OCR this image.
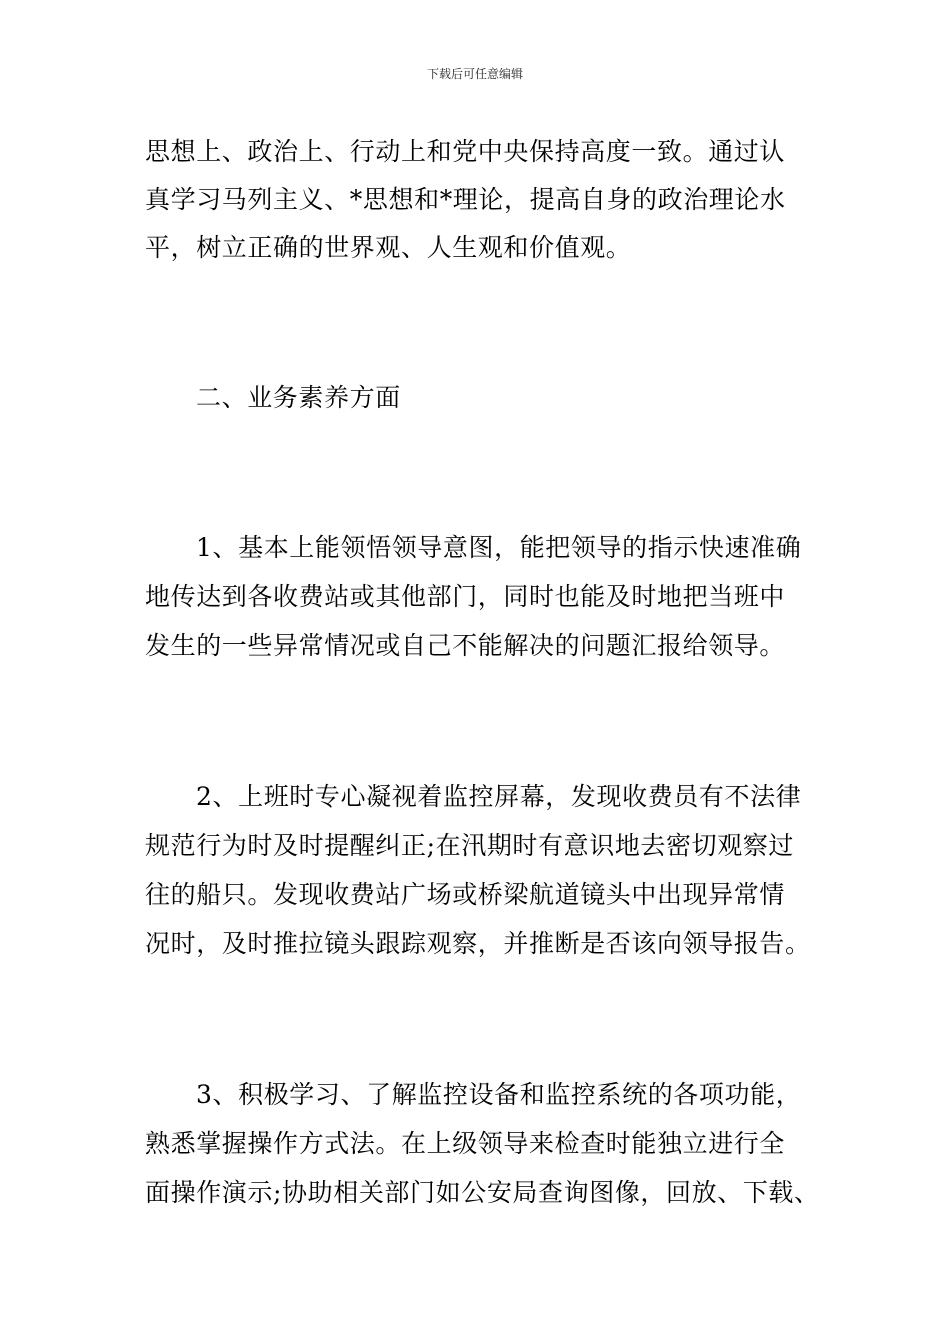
下载后可任意编辑
思想上、政治上、行动上和党中央保持高度一致。通过认
真学习马列主义、*思想和*理论，提高自身的政治理论水
平，树立正确的世界观、人生观和价值观。
二、业务素养方面
1、基本上能领悟领导意图，能把领导的指示快速准确
地传达到各收费站或其他部门，同时也能及时地把当班中
发生的一些异常情况或自己不能解决的问题汇报给领导。
2、上班时专心凝视着监控屏幕，发现收费员有不法律
规范行为时及时提醒纠正;在汛期时有意识地去密切观察过
往的船只。发现收费站广场或桥梁航道镜头中出现异常情
况时，及时推拉镜头跟踪观察，并推断是否该向领导报告。
3、积极学习、了解监控设备和监控系统的各项功能，
熟悉掌握操作方式法。在上级领导来检查时能独立进行全
面操作演示;协助相关部门如公安局查询图像，回放、下载、
